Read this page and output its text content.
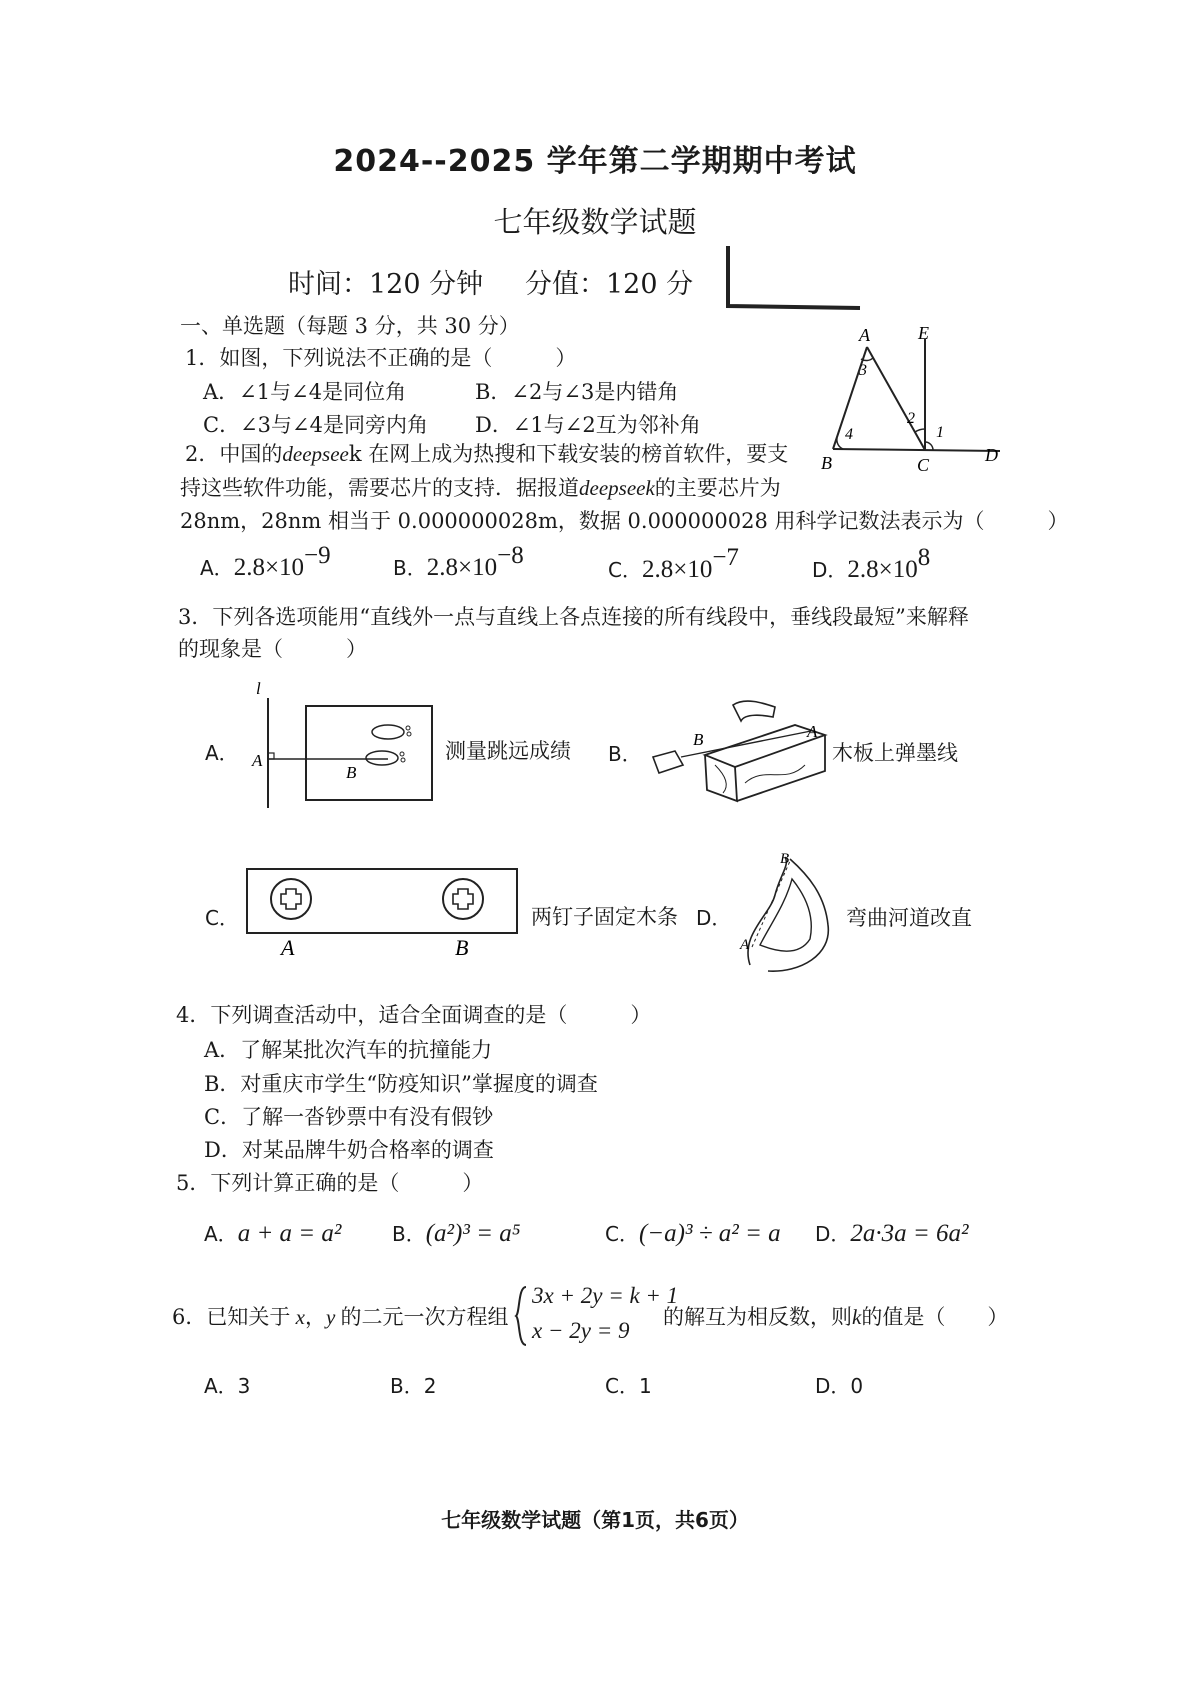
2024--2025 学年第二学期期中考试
七年级数学试题
时间：120 分钟 分值：120 分
一、单选题（每题 3 分，共 30 分）
1．如图，下列说法不正确的是（　　　）
A．∠1与∠4是同位角	B．∠2与∠3是内错角
C．∠3与∠4是同旁内角 D．∠1与∠2互为邻补角
A	E
3
2
4	1
B	C	D
2．中国的deepseek 在网上成为热搜和下载安装的榜首软件，要支
持这些软件功能，需要芯片的支持．据报道deepseek的主要芯片为
28nm，28nm 相当于 0.000000028m，数据 0.000000028 用科学记数法表示为（　　　）
A．$2.8\times 10^{-9}$	B．$2.8\times 10^{-8}$
C．$2.8\times 10^{-7}$	D．$2.8\times 10^8$
3．下列各选项能用“直线外一点与直线上各点连接的所有线段中，垂线段最短”来解释
的现象是（　　　）
A．
l
A
B
测量跳远成绩 B．
B	A
木板上弹墨线
C．
A	B
两钉子固定木条 D．
B
A
弯曲河道改直
4．下列调查活动中，适合全面调查的是（　　　）
A．了解某批次汽车的抗撞能力
B．对重庆市学生“防疫知识”掌握度的调查
C．了解一沓钞票中有没有假钞
D．对某品牌牛奶合格率的调查
5．下列计算正确的是（　　　）
A．a + a = a²	B．(a²)³ = a⁵	C．(−a)³ ÷ a² = a D．2a·3a = 6a²
6．已知关于 x，y 的二元一次方程组
3x + 2y = k + 1
x − 2y = 9
的解互为相反数，则k的值是（　　）
A．3	B．2	C．1	D．0
七年级数学试题（第1页，共6页）
